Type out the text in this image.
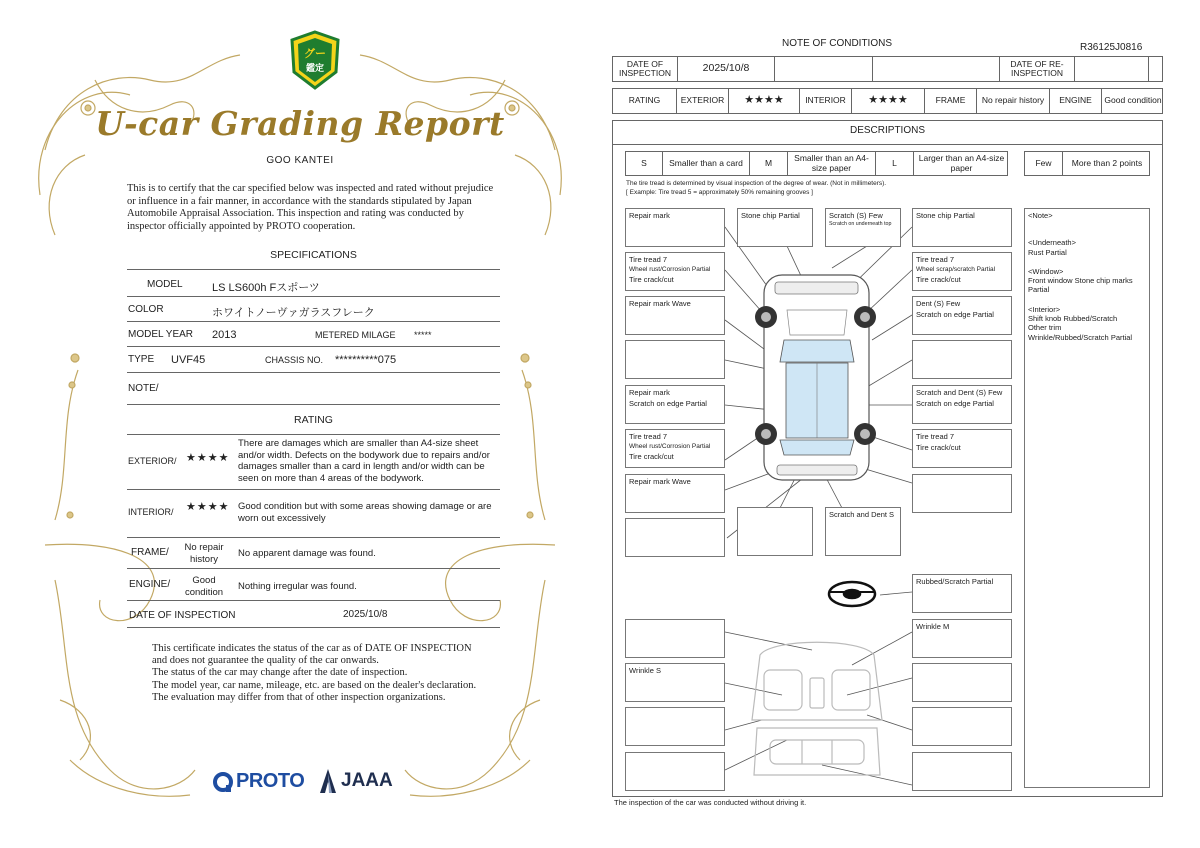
グー
鑑定
U-car Grading Report
GOO KANTEI
This is to certify that the car specified below was inspected and rated without prejudice or influence in a fair manner, in accordance with the standards stipulated by Japan Automobile Appraisal Association. This inspection and rating was conducted by inspector officially appointed by PROTO cooperation.
SPECIFICATIONS
MODEL	LS LS600h Fスポーツ
COLOR	ホワイトノーヴァガラスフレーク
MODEL YEAR 2013	METERED MILAGE *****
TYPE UVF45	CHASSIS NO. **********075
NOTE/
RATING
EXTERIOR/ ★★★★
There are damages which are smaller than A4-size sheet and/or width. Defects on the bodywork due to repairs and/or damages smaller than a card in length and/or width can be seen on more than 4 areas of the bodywork.
INTERIOR/ ★★★★ Good condition but with some areas showing damage or are worn out excessively
FRAME/	No repair history	No apparent damage was found.
ENGINE/	Good condition	Nothing irregular was found.
DATE OF INSPECTION	2025/10/8
This certificate indicates the status of the car as of DATE OF INSPECTION and does not guarantee the quality of the car onwards.
The status of the car may change after the date of inspection.
The model year, car name, mileage, etc. are based on the dealer's declaration.
The evaluation may differ from that of other inspection organizations.
PROTO JAAA
NOTE OF CONDITIONS	R36125J0816
DATE OF INSPECTION	2025/10/8	DATE OF RE-INSPECTION
RATING	EXTERIOR	★★★★	INTERIOR	★★★★	FRAME	No repair history	ENGINE	Good condition
DESCRIPTIONS
S	Smaller than a card	M	Smaller than an A4-size paper	L	Larger than an A4-size paper	Few	More than 2 points
The tire tread is determined by visual inspection of the degree of wear. (Not in millimeters).
[ Example: Tire tread 5 = approximately 50% remaining grooves ]
Repair mark
Tire tread 7
Wheel rust/Corrosion Partial
Tire crack/cut
Repair mark Wave
Repair mark
Scratch on edge Partial
Tire tread 7
Wheel rust/Corrosion Partial
Tire crack/cut
Repair mark Wave
Wrinkle S
Stone chip Partial	Scratch (S) Few
Scratch on underneath top
Scratch and Dent S
Stone chip Partial
Tire tread 7
Wheel scrap/scratch Partial
Tire crack/cut
Dent (S) Few
Scratch on edge Partial
Scratch and Dent (S) Few
Scratch on edge Partial
Tire tread 7
Tire crack/cut
Rubbed/Scratch Partial
Wrinkle M
<Note>
<Underneath>
Rust Partial
<Window>
Front window Stone chip marks Partial
<Interior>
Shift knob Rubbed/Scratch
Other trim
Wrinkle/Rubbed/Scratch Partial
The inspection of the car was conducted without driving it.
